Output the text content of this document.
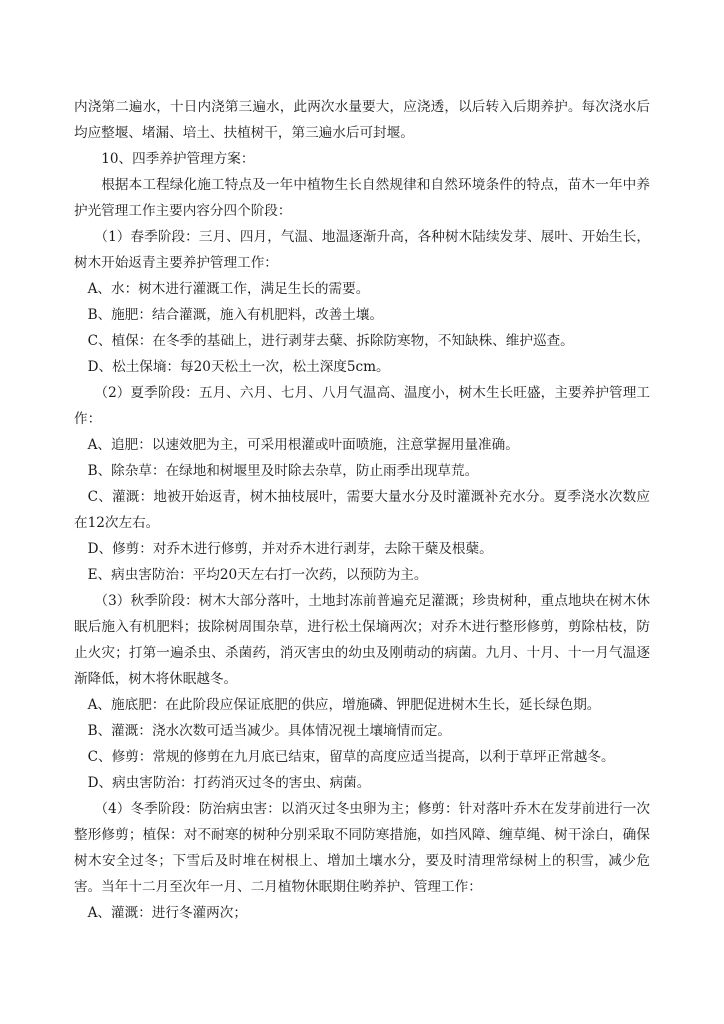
内浇第二遍水，十日内浇第三遍水，此两次水量要大，应浇透，以后转入后期养护。每次浇水后均应整堰、堵漏、培土、扶植树干，第三遍水后可封堰。

10、四季养护管理方案：

根据本工程绿化施工特点及一年中植物生长自然规律和自然环境条件的特点，苗木一年中养护光管理工作主要内容分四个阶段：

（1）春季阶段：三月、四月，气温、地温逐渐升高，各种树木陆续发芽、展叶、开始生长，树木开始返青主要养护管理工作：

A、水：树木进行灌溉工作，满足生长的需要。

B、施肥：结合灌溉，施入有机肥料，改善土壤。

C、植保：在冬季的基础上，进行剥芽去蘖、拆除防寒物，不知缺株、维护巡查。

D、松土保墒：每20天松土一次，松土深度5cm。

（2）夏季阶段：五月、六月、七月、八月气温高、温度小，树木生长旺盛，主要养护管理工作：

A、追肥：以速效肥为主，可采用根灌或叶面喷施，注意掌握用量准确。

B、除杂草：在绿地和树堰里及时除去杂草，防止雨季出现草荒。

C、灌溉：地被开始返青，树木抽枝展叶，需要大量水分及时灌溉补充水分。夏季浇水次数应在12次左右。

D、修剪：对乔木进行修剪，并对乔木进行剥芽，去除干蘖及根蘖。

E、病虫害防治：平均20天左右打一次药，以预防为主。

（3）秋季阶段：树木大部分落叶，土地封冻前普遍充足灌溉；珍贵树种，重点地块在树木休眠后施入有机肥料；拔除树周围杂草，进行松土保墒两次；对乔木进行整形修剪，剪除枯枝，防止火灾；打第一遍杀虫、杀菌药，消灭害虫的幼虫及刚萌动的病菌。九月、十月、十一月气温逐渐降低，树木将休眠越冬。

A、施底肥：在此阶段应保证底肥的供应，增施磷、钾肥促进树木生长，延长绿色期。

B、灌溉：浇水次数可适当减少。具体情况视土壤墒情而定。

C、修剪：常规的修剪在九月底已结束，留草的高度应适当提高，以利于草坪正常越冬。

D、病虫害防治：打药消灭过冬的害虫、病菌。

（4）冬季阶段：防治病虫害：以消灭过冬虫卵为主；修剪：针对落叶乔木在发芽前进行一次整形修剪；植保：对不耐寒的树种分别采取不同防寒措施，如挡风障、缠草绳、树干涂白，确保树木安全过冬；下雪后及时堆在树根上、增加土壤水分，要及时清理常绿树上的积雪，减少危害。当年十二月至次年一月、二月植物休眠期住哟养护、管理工作：

A、灌溉：进行冬灌两次；
